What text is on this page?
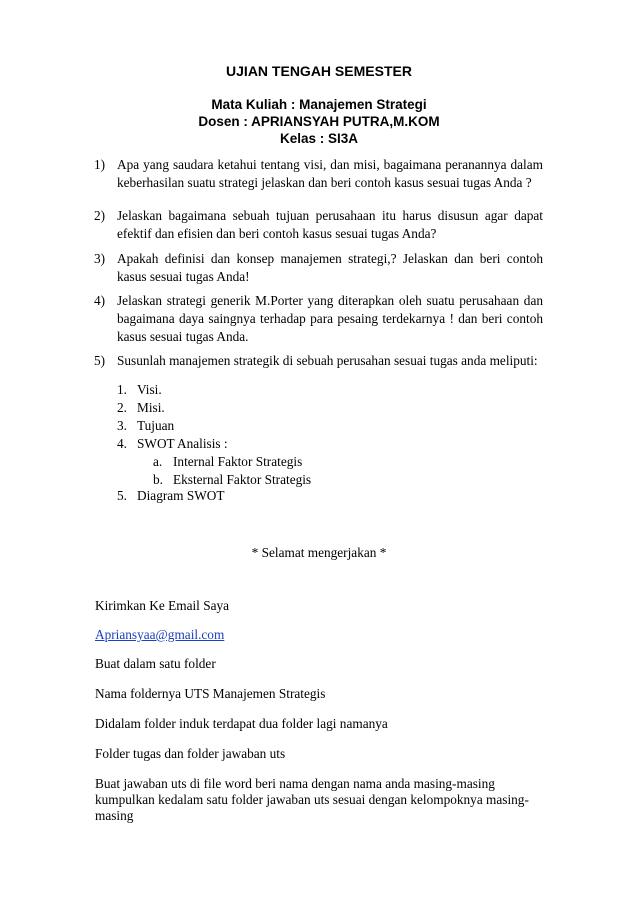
UJIAN TENGAH SEMESTER
Mata Kuliah : Manajemen Strategi
Dosen : APRIANSYAH PUTRA,M.KOM
Kelas : SI3A
1) Apa yang saudara ketahui tentang visi, dan misi, bagaimana peranannya dalam keberhasilan suatu strategi jelaskan dan beri contoh kasus sesuai tugas Anda ?
2) Jelaskan bagaimana sebuah tujuan perusahaan itu harus disusun agar dapat efektif dan efisien dan beri contoh kasus sesuai tugas Anda?
3) Apakah definisi dan konsep manajemen strategi,? Jelaskan dan beri contoh kasus sesuai tugas Anda!
4) Jelaskan strategi generik M.Porter yang diterapkan oleh suatu perusahaan dan bagaimana daya saingnya terhadap para pesaing terdekarnya ! dan beri contoh kasus sesuai tugas Anda.
5) Susunlah manajemen strategik di sebuah perusahan sesuai tugas anda meliputi:
1. Visi.
2. Misi.
3. Tujuan
4. SWOT Analisis :
a. Internal Faktor Strategis
b. Eksternal Faktor Strategis
5. Diagram SWOT
* Selamat mengerjakan *
Kirimkan Ke Email Saya
Apriansyaa@gmail.com
Buat dalam satu folder
Nama foldernya UTS Manajemen Strategis
Didalam folder induk terdapat dua folder lagi namanya
Folder tugas dan folder jawaban uts
Buat jawaban uts di file word beri nama dengan nama anda masing-masing
kumpulkan kedalam satu folder jawaban uts sesuai dengan kelompoknya masing-
masing
